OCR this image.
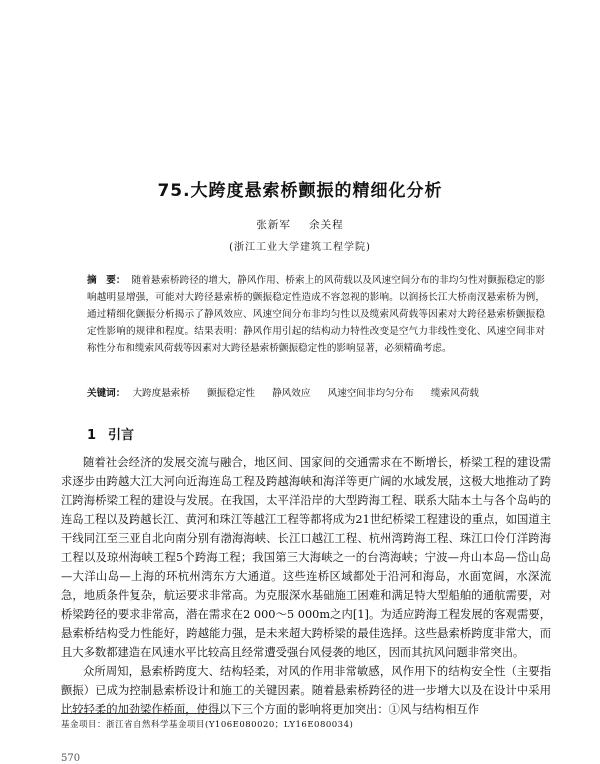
75.大跨度悬索桥颤振的精细化分析
张新军 余关程
(浙江工业大学建筑工程学院)

摘　要： 随着悬索桥跨径的增大，静风作用、桥索上的风荷载以及风速空间分布的非均匀性对颤振稳定的影响越明显增强，可能对大跨径悬索桥的颤振稳定性造成不容忽视的影响。以润扬长江大桥南汊悬索桥为例，通过精细化颤振分析揭示了静风效应、风速空间分布非均匀性以及缆索风荷载等因素对大跨径悬索桥颤振稳定性影响的规律和程度。结果表明：静风作用引起的结构动力特性改变是空气力非线性变化、风速空间非对称性分布和缆索风荷载等因素对大跨径悬索桥颤振稳定性的影响显著，必须精确考虑。

关键词： 大跨度悬索桥 颤振稳定性 静风效应 风速空间非均匀分布 缆索风荷载
1 引言

随着社会经济的发展交流与融合，地区间、国家间的交通需求在不断增长，桥梁工程的建设需求逐步由跨越大江大河向近海连岛工程及跨越海峡和海洋等更广阔的水域发展，这极大地推动了跨江跨海桥梁工程的建设与发展。在我国，太平洋沿岸的大型跨海工程、联系大陆本土与各个岛屿的连岛工程以及跨越长江、黄河和珠江等越江工程等都将成为21世纪桥梁工程建设的重点，如国道主干线同江至三亚自北向南分别有渤海海峡、长江口越江工程、杭州湾跨海工程、珠江口伶仃洋跨海工程以及琼州海峡工程5个跨海工程；我国第三大海峡之一的台湾海峡；宁波—舟山本岛—岱山岛—大洋山岛—上海的环杭州湾东方大通道。这些连桥区域都处于沿河和海岛，水面宽阔，水深流急，地质条件复杂，航运要求非常高。为克服深水基础施工困难和满足特大型船舶的通航需要，对桥梁跨径的要求非常高，潜在需求在2 000～5 000m之内[1]。为适应跨海工程发展的客观需要，悬索桥结构受力性能好，跨越能力强，是未来超大跨桥梁的最佳选择。这些悬索桥跨度非常大，而且大多数都建造在风速水平比较高且经常遭受强台风侵袭的地区，因而其抗风问题非常突出。

众所周知，悬索桥跨度大、结构轻柔，对风的作用非常敏感，风作用下的结构安全性（主要指颤振）已成为控制悬索桥设计和施工的关键因素。随着悬索桥跨径的进一步增大以及在设计中采用比较轻柔的加劲梁作桥面，使得以下三个方面的影响将更加突出：①风与结构相互作

基金项目：浙江省自然科学基金项目(Y106E080020；LY16E080034)
570
